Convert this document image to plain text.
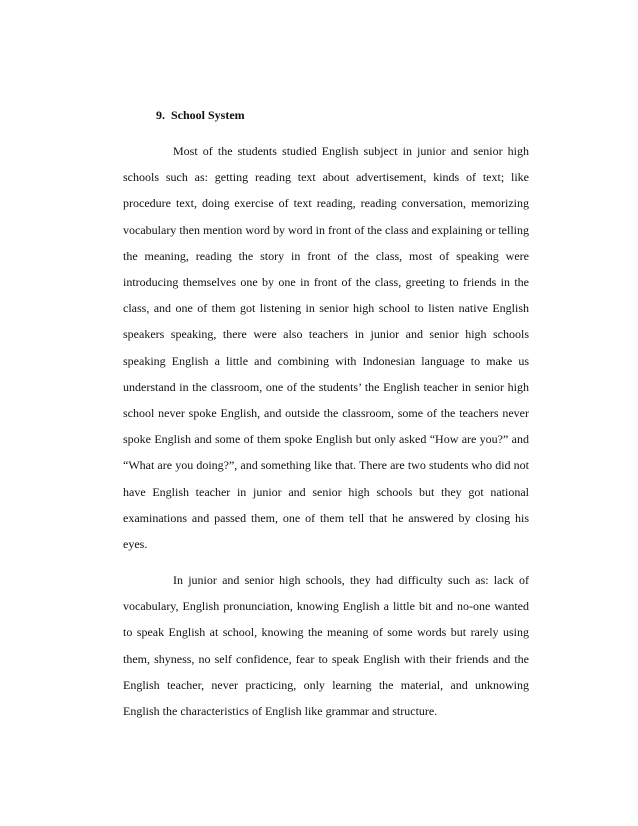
9. School System

Most of the students studied English subject in junior and senior high schools such as: getting reading text about advertisement, kinds of text; like procedure text, doing exercise of text reading, reading conversation, memorizing vocabulary then mention word by word in front of the class and explaining or telling the meaning, reading the story in front of the class, most of speaking were introducing themselves one by one in front of the class, greeting to friends in the class, and one of them got listening in senior high school to listen native English speakers speaking, there were also teachers in junior and senior high schools speaking English a little and combining with Indonesian language to make us understand in the classroom, one of the students’ the English teacher in senior high school never spoke English, and outside the classroom, some of the teachers never spoke English and some of them spoke English but only asked “How are you?” and “What are you doing?”, and something like that. There are two students who did not have English teacher in junior and senior high schools but they got national examinations and passed them, one of them tell that he answered by closing his eyes.

In junior and senior high schools, they had difficulty such as: lack of vocabulary, English pronunciation, knowing English a little bit and no-one wanted to speak English at school, knowing the meaning of some words but rarely using them, shyness, no self confidence, fear to speak English with their friends and the English teacher, never practicing, only learning the material, and unknowing English the characteristics of English like grammar and structure.
